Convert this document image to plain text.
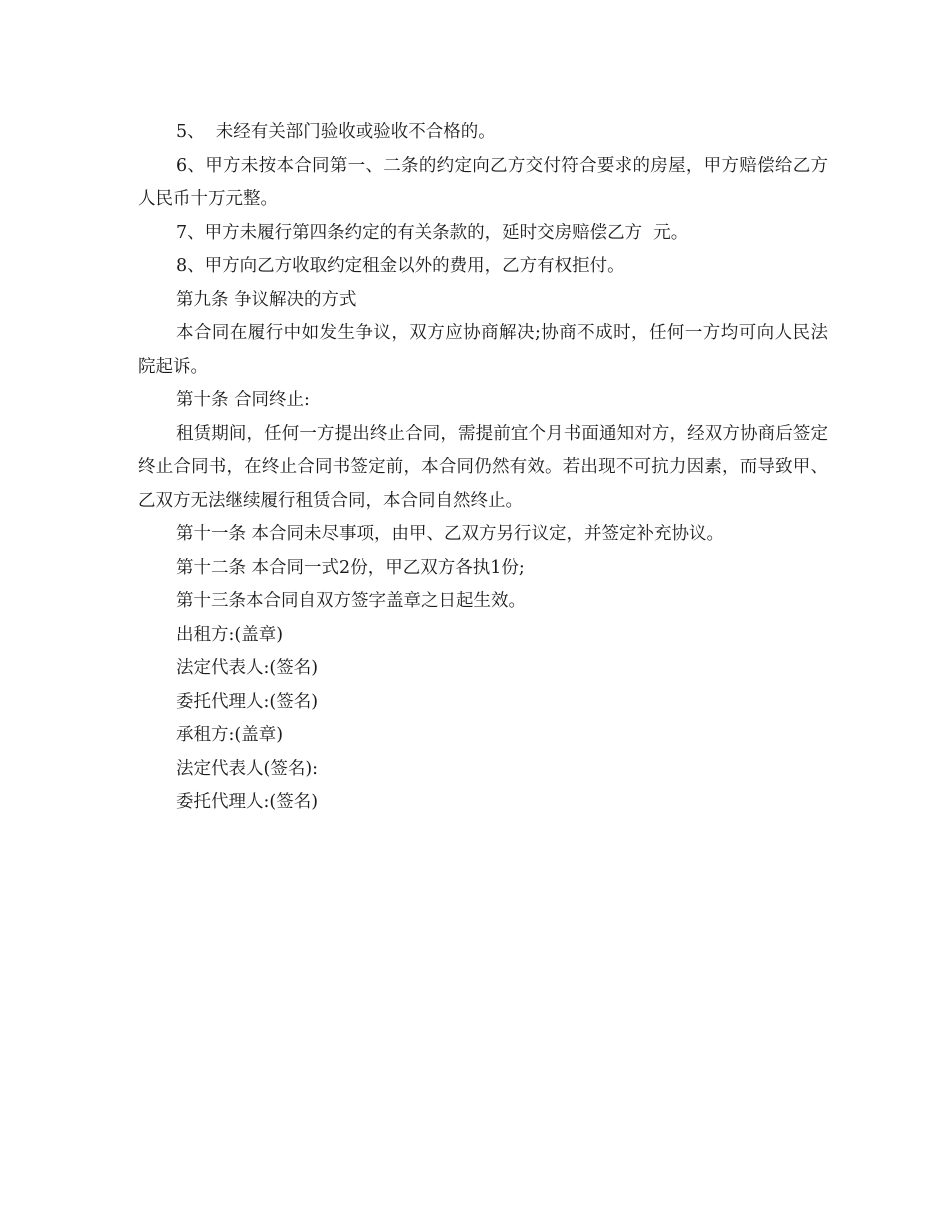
5、  未经有关部门验收或验收不合格的。

6、甲方未按本合同第一、二条的约定向乙方交付符合要求的房屋，甲方赔偿给乙方人民币十万元整。

7、甲方未履行第四条约定的有关条款的，延时交房赔偿乙方  元。

8、甲方向乙方收取约定租金以外的费用，乙方有权拒付。

第九条 争议解决的方式

本合同在履行中如发生争议，双方应协商解决;协商不成时，任何一方均可向人民法院起诉。

第十条 合同终止:

租赁期间，任何一方提出终止合同，需提前宜个月书面通知对方，经双方协商后签定终止合同书，在终止合同书签定前，本合同仍然有效。若出现不可抗力因素，而导致甲、乙双方无法继续履行租赁合同，本合同自然终止。

第十一条 本合同未尽事项，由甲、乙双方另行议定，并签定补充协议。

第十二条 本合同一式2份，甲乙双方各执1份;

第十三条本合同自双方签字盖章之日起生效。

出租方:(盖章)

法定代表人:(签名)

委托代理人:(签名)

承租方:(盖章)

法定代表人(签名):

委托代理人:(签名)
